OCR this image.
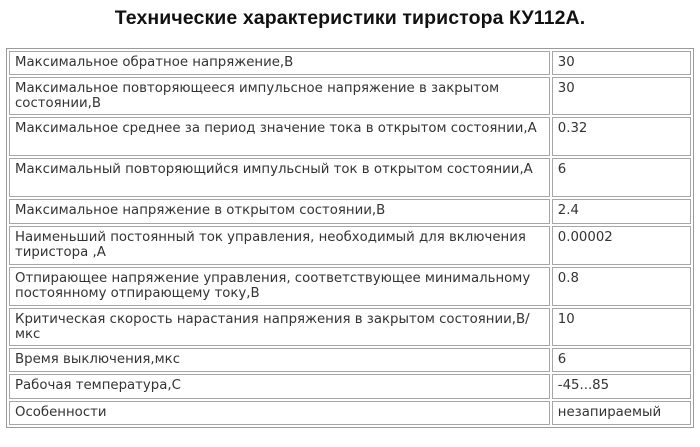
Технические характеристики тиристора КУ112А.
Максимальное обратное напряжение,В	30
Максимальное повторяющееся импульсное напряжение в закрытом состоянии,В	30
Максимальное среднее за период значение тока в открытом состоянии,А	0.32
Максимальный повторяющийся импульсный ток в открытом состоянии,А	6
Максимальное напряжение в открытом состоянии,В	2.4
Наименьший постоянный ток управления, необходимый для включения тиристора ,А	0.00002
Отпирающее напряжение управления, соответствующее минимальному постоянному отпирающему току,В	0.8
Критическая скорость нарастания напряжения в закрытом состоянии,В/мкс	10
Время выключения,мкс	6
Рабочая температура,С	-45...85
Особенности	незапираемый
